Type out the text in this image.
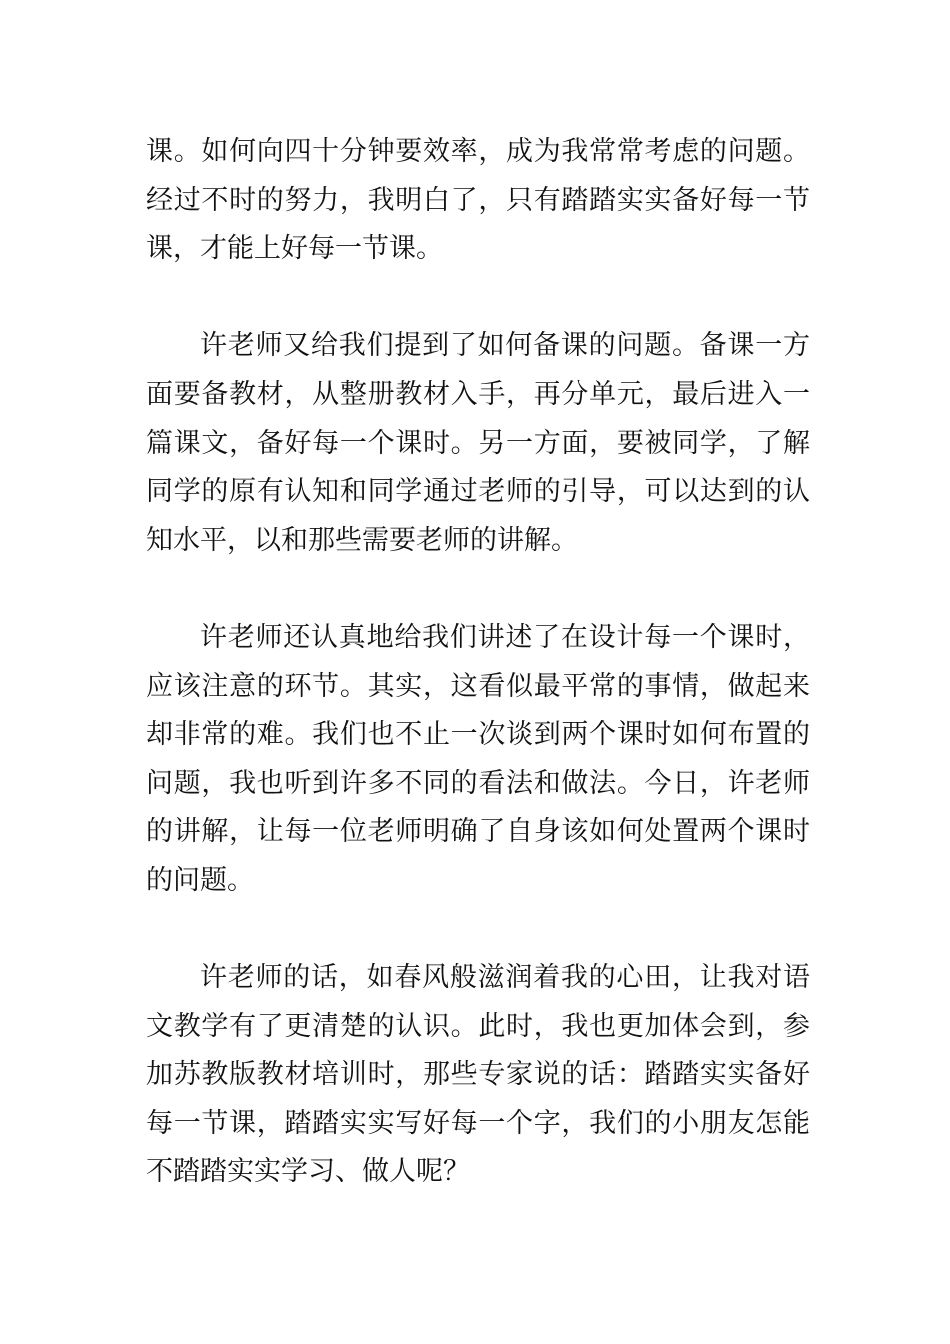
课。如何向四十分钟要效率，成为我常常考虑的问题。经过不时的努力，我明白了，只有踏踏实实备好每一节课，才能上好每一节课。

许老师又给我们提到了如何备课的问题。备课一方面要备教材，从整册教材入手，再分单元，最后进入一篇课文，备好每一个课时。另一方面，要被同学，了解同学的原有认知和同学通过老师的引导，可以达到的认知水平，以和那些需要老师的讲解。

许老师还认真地给我们讲述了在设计每一个课时，应该注意的环节。其实，这看似最平常的事情，做起来却非常的难。我们也不止一次谈到两个课时如何布置的问题，我也听到许多不同的看法和做法。今日，许老师的讲解，让每一位老师明确了自身该如何处置两个课时的问题。

许老师的话，如春风般滋润着我的心田，让我对语文教学有了更清楚的认识。此时，我也更加体会到，参加苏教版教材培训时，那些专家说的话：踏踏实实备好每一节课，踏踏实实写好每一个字，我们的小朋友怎能不踏踏实实学习、做人呢？
